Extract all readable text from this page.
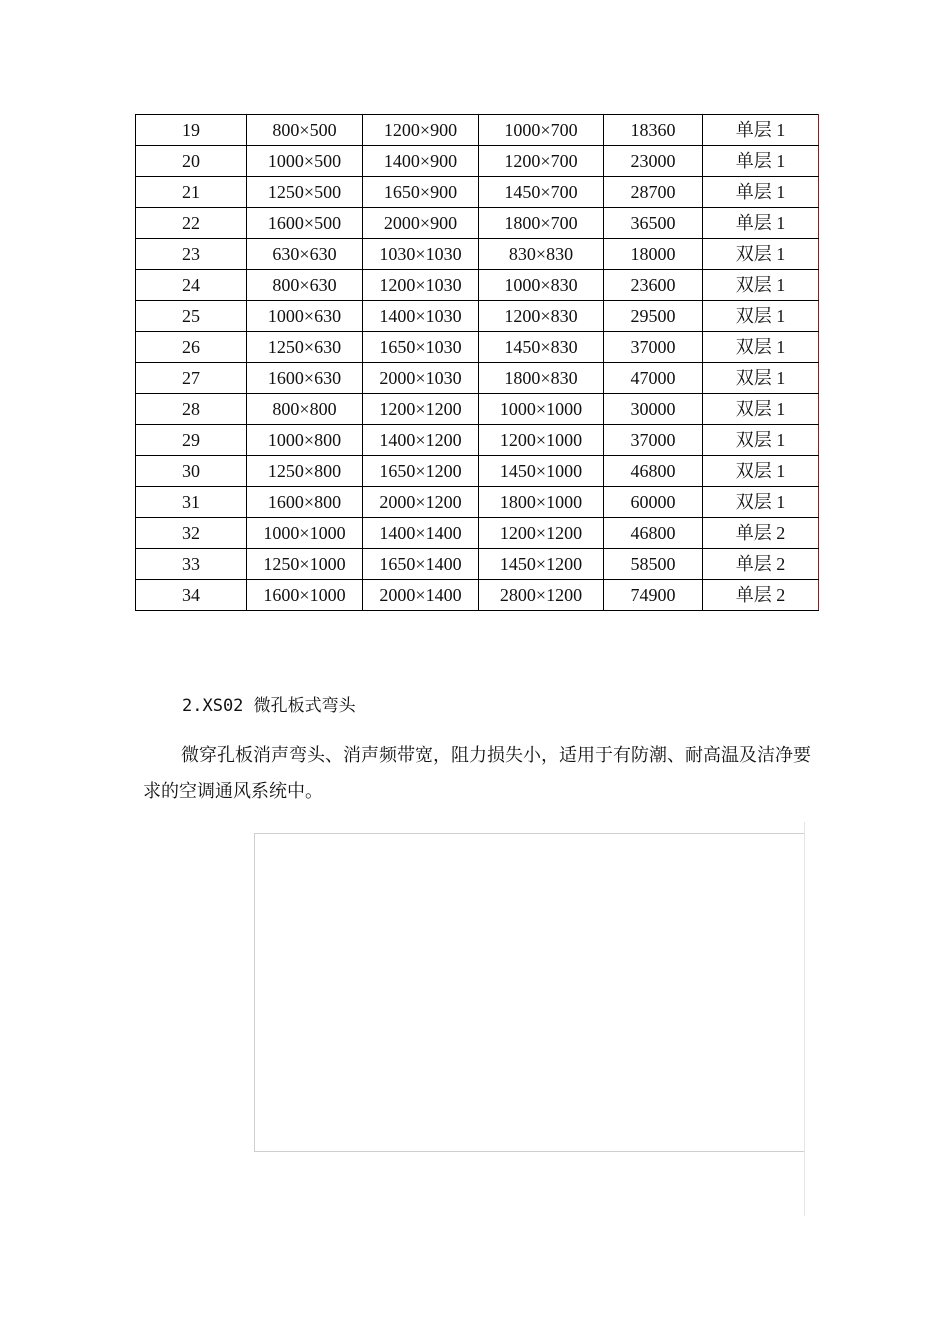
19	800×500	1200×900	1000×700	18360	单层 1
20	1000×500	1400×900	1200×700	23000	单层 1
21	1250×500	1650×900	1450×700	28700	单层 1
22	1600×500	2000×900	1800×700	36500	单层 1
23	630×630	1030×1030	830×830	18000	双层 1
24	800×630	1200×1030	1000×830	23600	双层 1
25	1000×630	1400×1030	1200×830	29500	双层 1
26	1250×630	1650×1030	1450×830	37000	双层 1
27	1600×630	2000×1030	1800×830	47000	双层 1
28	800×800	1200×1200	1000×1000	30000	双层 1
29	1000×800	1400×1200	1200×1000	37000	双层 1
30	1250×800	1650×1200	1450×1000	46800	双层 1
31	1600×800	2000×1200	1800×1000	60000	双层 1
32	1000×1000	1400×1400	1200×1200	46800	单层 2
33	1250×1000	1650×1400	1450×1200	58500	单层 2
34	1600×1000	2000×1400	2800×1200	74900	单层 2
2.XS02 微孔板式弯头
微穿孔板消声弯头、消声频带宽，阻力损失小，适用于有防潮、耐高温及洁净要求的空调通风系统中。
